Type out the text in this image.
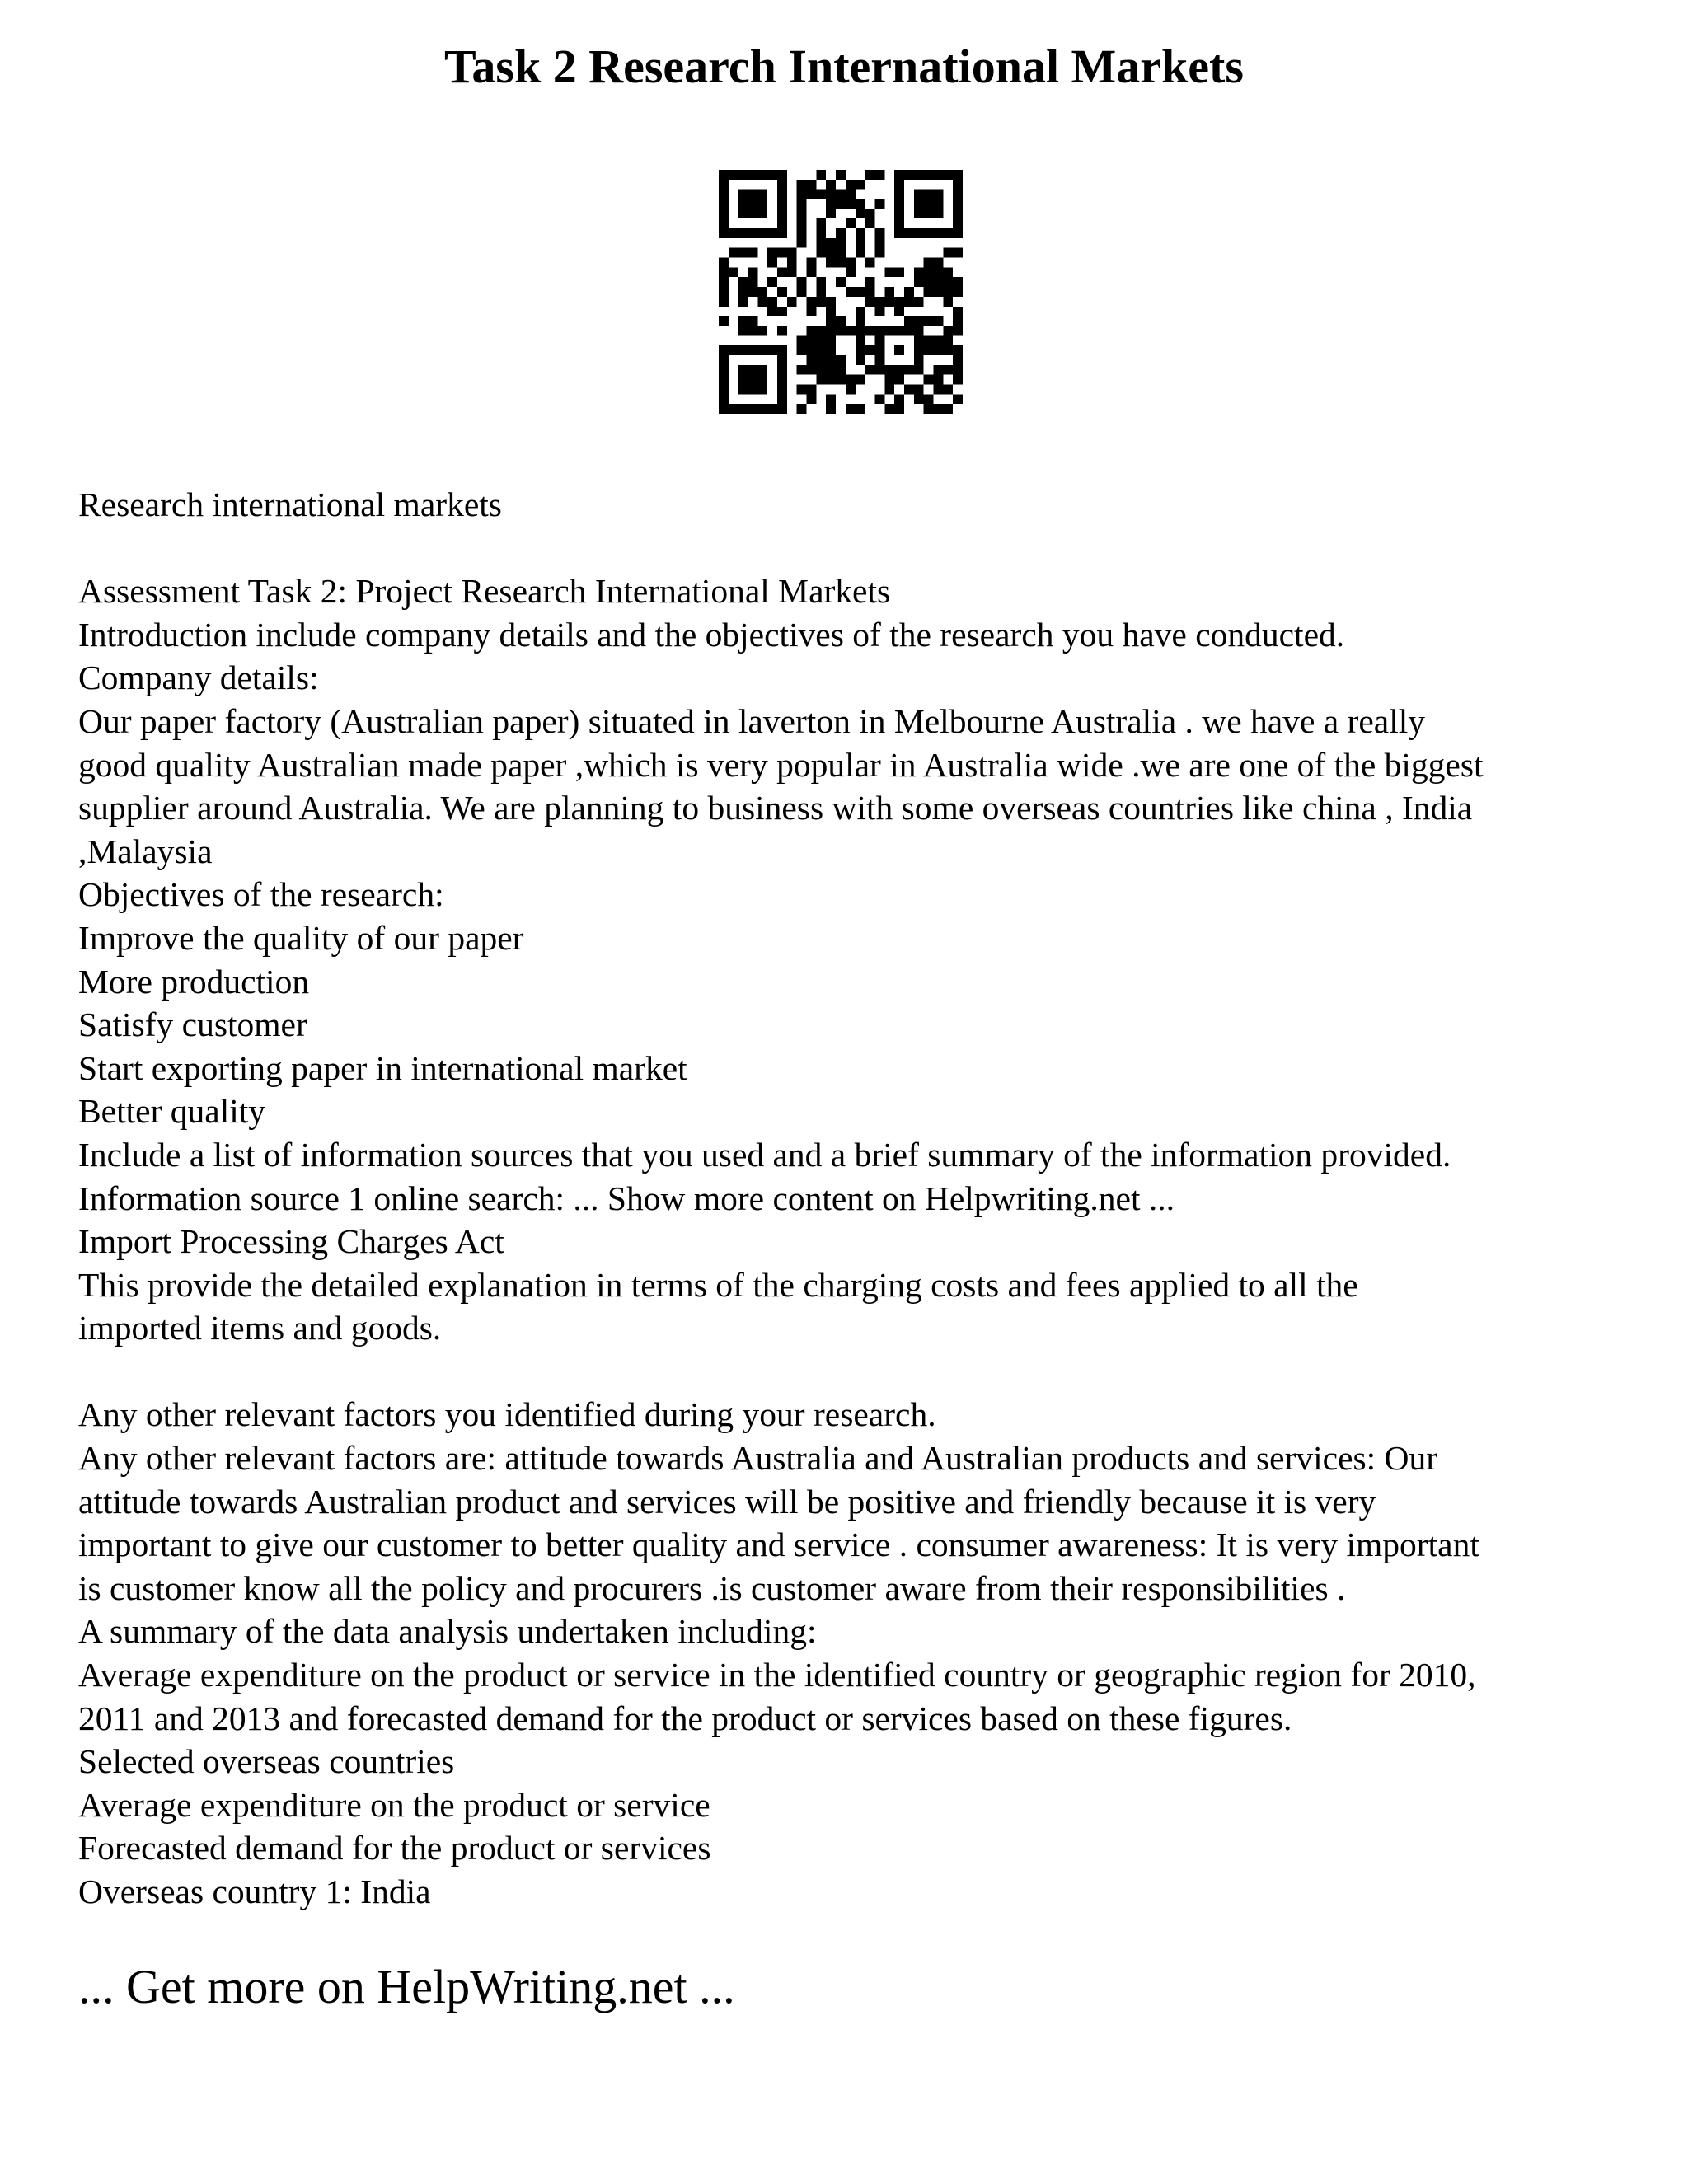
Task 2 Research International Markets

Research international markets

Assessment Task 2: Project Research International Markets

Introduction include company details and the objectives of the research you have conducted.

Company details:

Our paper factory (Australian paper) situated in laverton in Melbourne Australia . we have a really

good quality Australian made paper ,which is very popular in Australia wide .we are one of the biggest

supplier around Australia. We are planning to business with some overseas countries like china , India

,Malaysia

Objectives of the research:

Improve the quality of our paper

More production

Satisfy customer

Start exporting paper in international market

Better quality

Include a list of information sources that you used and a brief summary of the information provided.

Information source 1 online search: ... Show more content on Helpwriting.net ...

Import Processing Charges Act

This provide the detailed explanation in terms of the charging costs and fees applied to all the

imported items and goods.

Any other relevant factors you identified during your research.

Any other relevant factors are: attitude towards Australia and Australian products and services: Our

attitude towards Australian product and services will be positive and friendly because it is very

important to give our customer to better quality and service . consumer awareness: It is very important

is customer know all the policy and procurers .is customer aware from their responsibilities .

A summary of the data analysis undertaken including:

Average expenditure on the product or service in the identified country or geographic region for 2010,

2011 and 2013 and forecasted demand for the product or services based on these figures.

Selected overseas countries

Average expenditure on the product or service

Forecasted demand for the product or services

Overseas country 1: India

... Get more on HelpWriting.net ...
